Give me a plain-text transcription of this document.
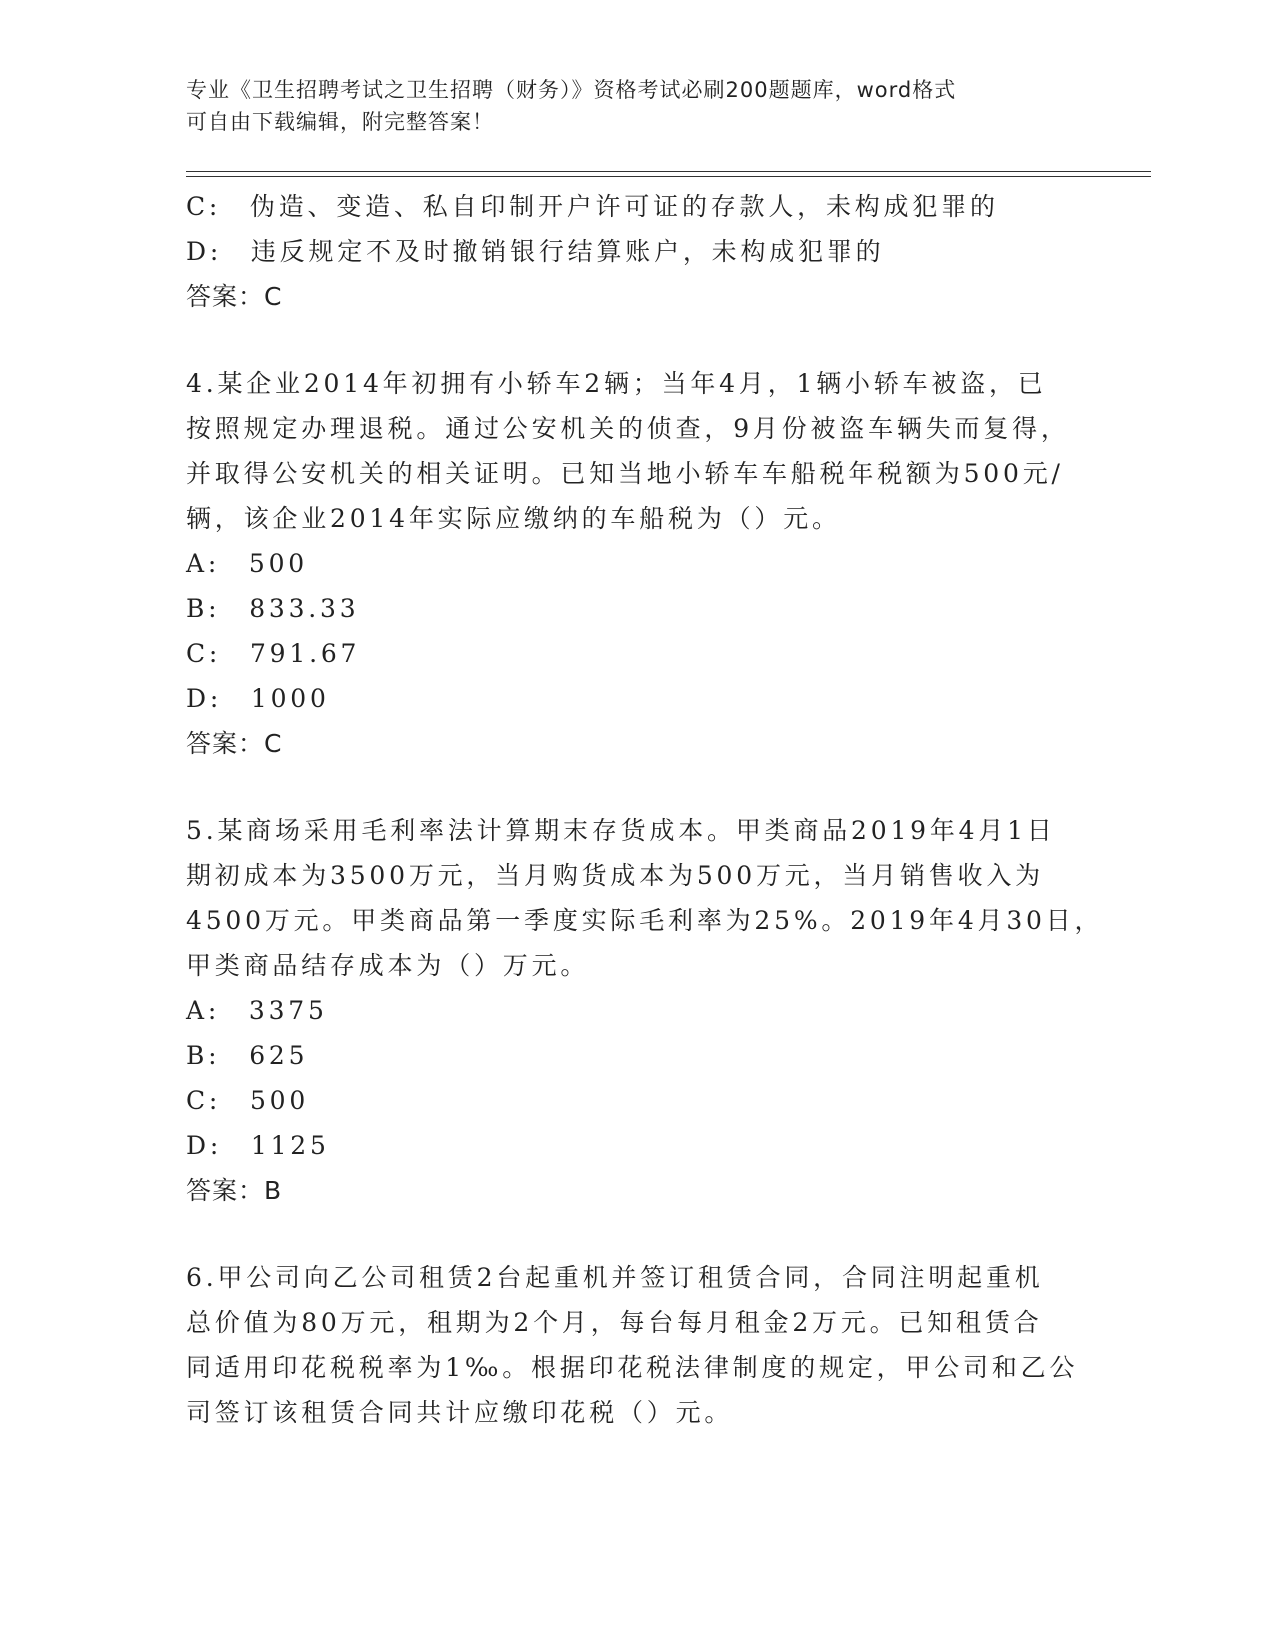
专业《卫生招聘考试之卫生招聘（财务）》资格考试必刷200题题库，word格式
可自由下载编辑，附完整答案！
C:　伪造、变造、私自印制开户许可证的存款人，未构成犯罪的
D:　违反规定不及时撤销银行结算账户，未构成犯罪的
答案：C
4.某企业2014年初拥有小轿车2辆；当年4月，1辆小轿车被盗，已
按照规定办理退税。通过公安机关的侦查，9月份被盗车辆失而复得，
并取得公安机关的相关证明。已知当地小轿车车船税年税额为500元/
辆，该企业2014年实际应缴纳的车船税为（）元。
A:　500
B:　833.33
C:　791.67
D:　1000
答案：C
5.某商场采用毛利率法计算期末存货成本。甲类商品2019年4月1日
期初成本为3500万元，当月购货成本为500万元，当月销售收入为
4500万元。甲类商品第一季度实际毛利率为25%。2019年4月30日，
甲类商品结存成本为（）万元。
A:　3375
B:　625
C:　500
D:　1125
答案：B
6.甲公司向乙公司租赁2台起重机并签订租赁合同，合同注明起重机
总价值为80万元，租期为2个月，每台每月租金2万元。已知租赁合
同适用印花税税率为1‰。根据印花税法律制度的规定，甲公司和乙公
司签订该租赁合同共计应缴印花税（）元。
